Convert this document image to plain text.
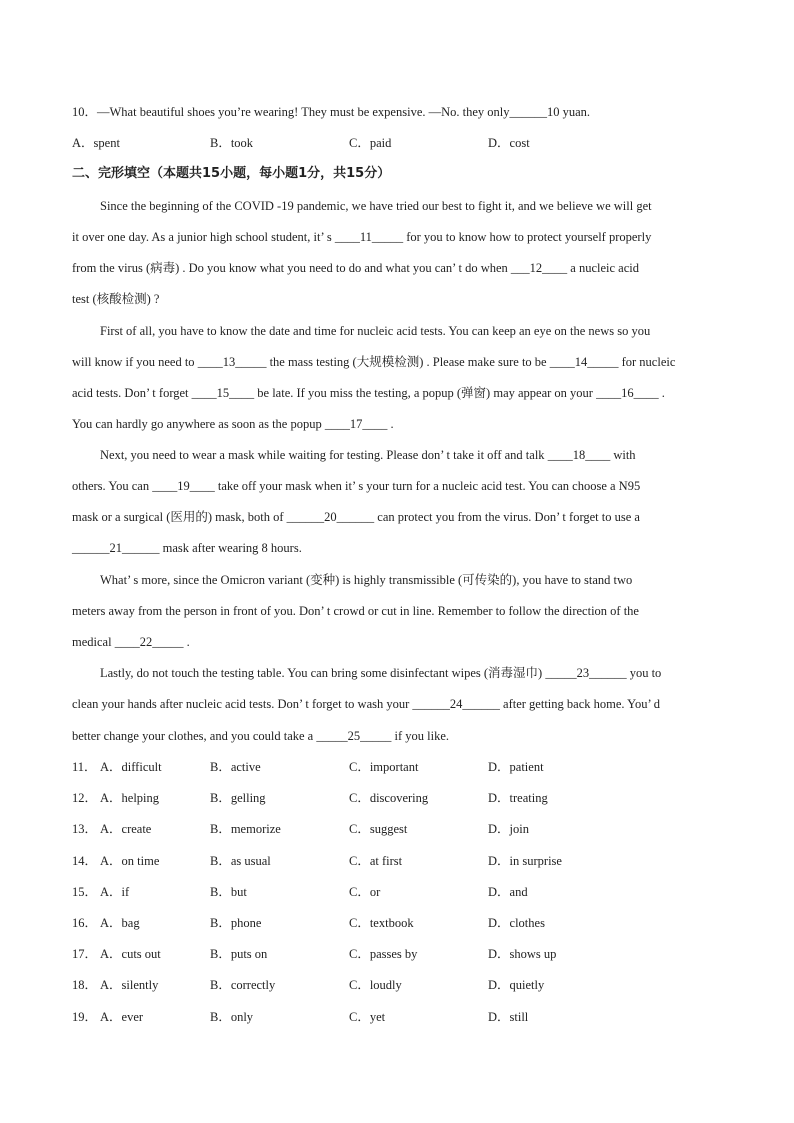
10．—What beautiful shoes you’re wearing! They must be expensive. —No. they only______10 yuan.
A．spent	B．took	C．paid	D．cost
二、完形填空（本题共15小题，每小题1分，共15分）
Since the beginning of the COVID -19 pandemic, we have tried our best to fight it, and we believe we will get
it over one day. As a junior high school student, it’ s ____11_____ for you to know how to protect yourself properly
from the virus (病毒) . Do you know what you need to do and what you can’ t do when ___12____ a nucleic acid
test (核酸检测) ?
First of all, you have to know the date and time for nucleic acid tests. You can keep an eye on the news so you
will know if you need to ____13_____ the mass testing (大规模检测) . Please make sure to be ____14_____ for nucleic
acid tests. Don’ t forget ____15____ be late. If you miss the testing, a popup (弹窗) may appear on your ____16____ .
You can hardly go anywhere as soon as the popup ____17____ .
Next, you need to wear a mask while waiting for testing. Please don’ t take it off and talk ____18____ with
others. You can ____19____ take off your mask when it’ s your turn for a nucleic acid test. You can choose a N95
mask or a surgical (医用的) mask, both of ______20______ can protect you from the virus. Don’ t forget to use a
______21______ mask after wearing 8 hours.
What’ s more, since the Omicron variant (变种) is highly transmissible (可传染的), you have to stand two
meters away from the person in front of you. Don’ t crowd or cut in line. Remember to follow the direction of the
medical ____22_____ .
Lastly, do not touch the testing table. You can bring some disinfectant wipes (消毒湿巾) _____23______ you to
clean your hands after nucleic acid tests. Don’ t forget to wash your ______24______ after getting back home. You’ d
better change your clothes, and you could take a _____25_____ if you like.
11． A．difficult	B．active	C．important	D．patient
12． A．helping	B．gelling	C．discovering	D．treating
13． A．create	B．memorize	C．suggest	D．join
14． A．on time	B．as usual	C．at first	D．in surprise
15． A．if	B．but	C．or	D．and
16． A．bag	B．phone	C．textbook	D．clothes
17． A．cuts out	B．puts on	C．passes by	D．shows up
18． A．silently	B．correctly	C．loudly	D．quietly
19． A．ever	B．only	C．yet	D．still
